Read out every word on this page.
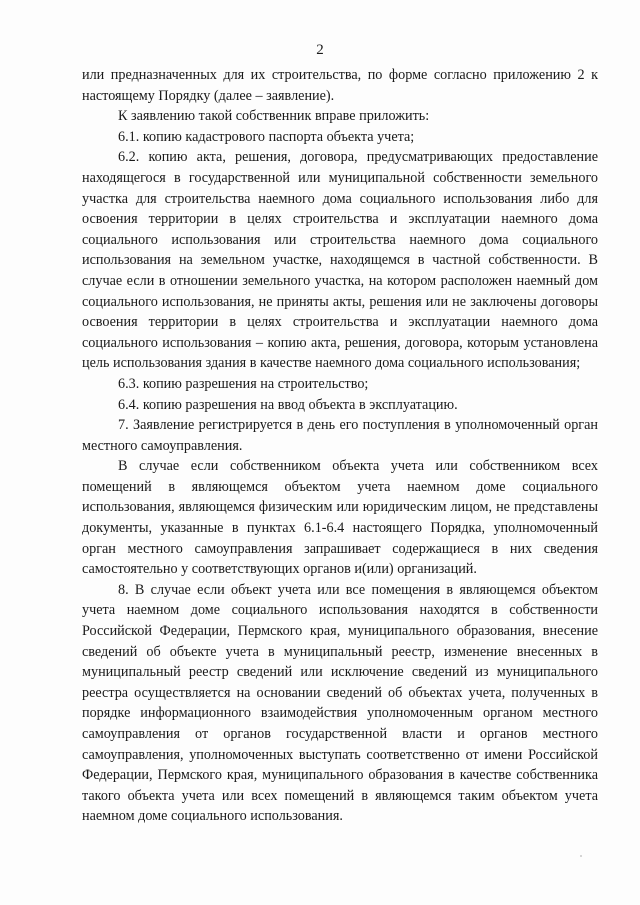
2

или предназначенных для их строительства, по форме согласно приложению 2 к настоящему Порядку (далее – заявление).

К заявлению такой собственник вправе приложить:

6.1. копию кадастрового паспорта объекта учета;

6.2. копию акта, решения, договора, предусматривающих предоставление находящегося в государственной или муниципальной собственности земельного участка для строительства наемного дома социального использования либо для освоения территории в целях строительства и эксплуатации наемного дома социального использования или строительства наемного дома социального использования на земельном участке, находящемся в частной собственности. В случае если в отношении земельного участка, на котором расположен наемный дом социального использования, не приняты акты, решения или не заключены договоры освоения территории в целях строительства и эксплуатации наемного дома социального использования – копию акта, решения, договора, которым установлена цель использования здания в качестве наемного дома социального использования;

6.3. копию разрешения на строительство;

6.4. копию разрешения на ввод объекта в эксплуатацию.

7. Заявление регистрируется в день его поступления в уполномоченный орган местного самоуправления.

В случае если собственником объекта учета или собственником всех помещений в являющемся объектом учета наемном доме социального использования, являющемся физическим или юридическим лицом, не представлены документы, указанные в пунктах 6.1-6.4 настоящего Порядка, уполномоченный орган местного самоуправления запрашивает содержащиеся в них сведения самостоятельно у соответствующих органов и(или) организаций.

8. В случае если объект учета или все помещения в являющемся объектом учета наемном доме социального использования находятся в собственности Российской Федерации, Пермского края, муниципального образования, внесение сведений об объекте учета в муниципальный реестр, изменение внесенных в муниципальный реестр сведений или исключение сведений из муниципального реестра осуществляется на основании сведений об объектах учета, полученных в порядке информационного взаимодействия уполномоченным органом местного самоуправления от органов государственной власти и органов местного самоуправления, уполномоченных выступать соответственно от имени Российской Федерации, Пермского края, муниципального образования в качестве собственника такого объекта учета или всех помещений в являющемся таким объектом учета наемном доме социального использования.
